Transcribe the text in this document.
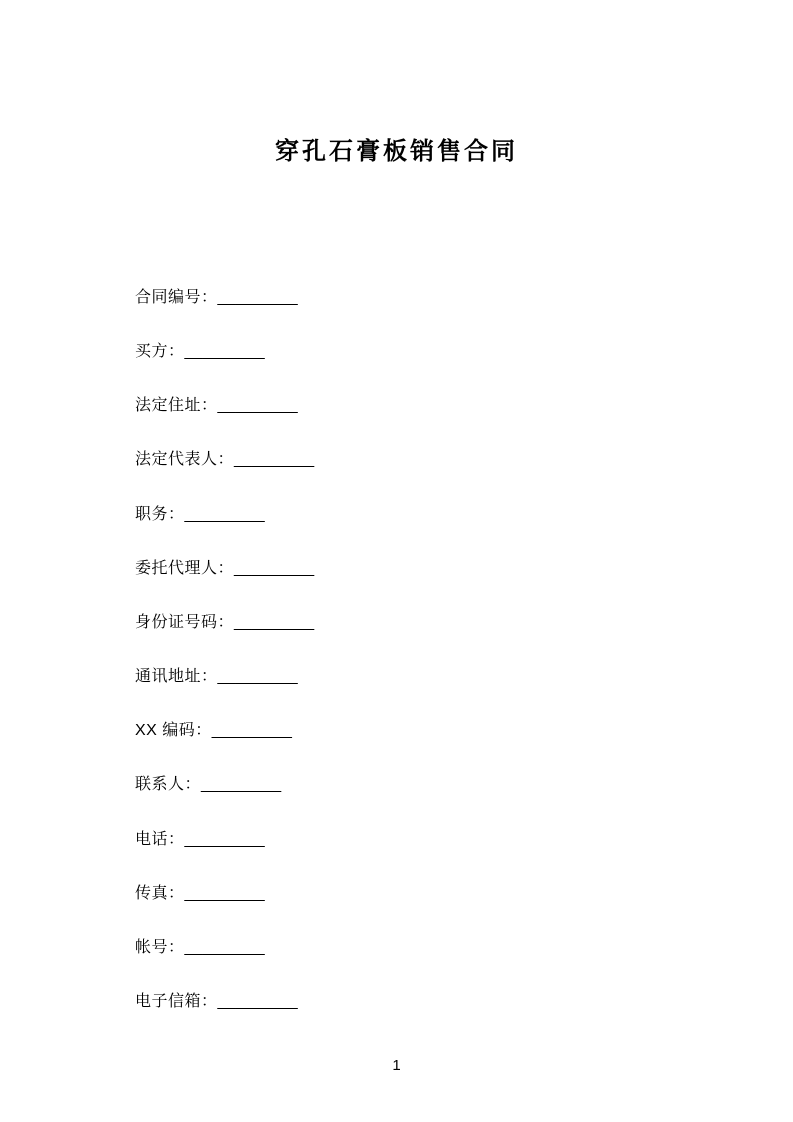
穿孔石膏板销售合同
合同编号：_________
买方：_________
法定住址：_________
法定代表人：_________
职务：_________
委托代理人：_________
身份证号码：_________
通讯地址：_________
XX 编码：_________
联系人：_________
电话：_________
传真：_________
帐号：_________
电子信箱：_________
1
